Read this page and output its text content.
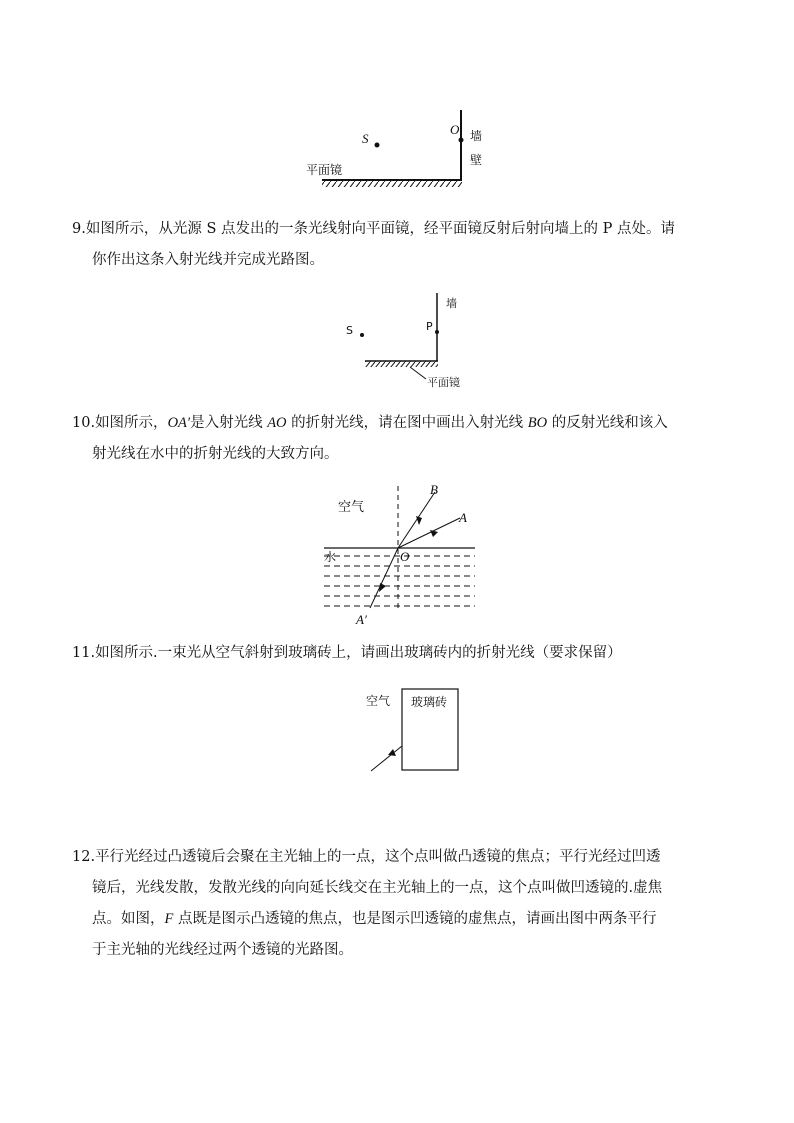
S
O 墙
壁
平面镜
9.如图所示，从光源 S 点发出的一条光线射向平面镜，经平面镜反射后射向墙上的 P 点处。请
你作出这条入射光线并完成光路图。
S	P
墙
平面镜
10.如图所示，OA′是入射光线 AO 的折射光线，请在图中画出入射光线 BO 的反射光线和该入
射光线在水中的折射光线的大致方向。
空气
水
B
A
O
A′
11.如图所示.一束光从空气斜射到玻璃砖上，请画出玻璃砖内的折射光线（要求保留）
空气 玻璃砖
12.平行光经过凸透镜后会聚在主光轴上的一点，这个点叫做凸透镜的焦点；平行光经过凹透
镜后，光线发散，发散光线的向向延长线交在主光轴上的一点，这个点叫做凹透镜的.虚焦
点。如图，F 点既是图示凸透镜的焦点，也是图示凹透镜的虚焦点，请画出图中两条平行
于主光轴的光线经过两个透镜的光路图。
